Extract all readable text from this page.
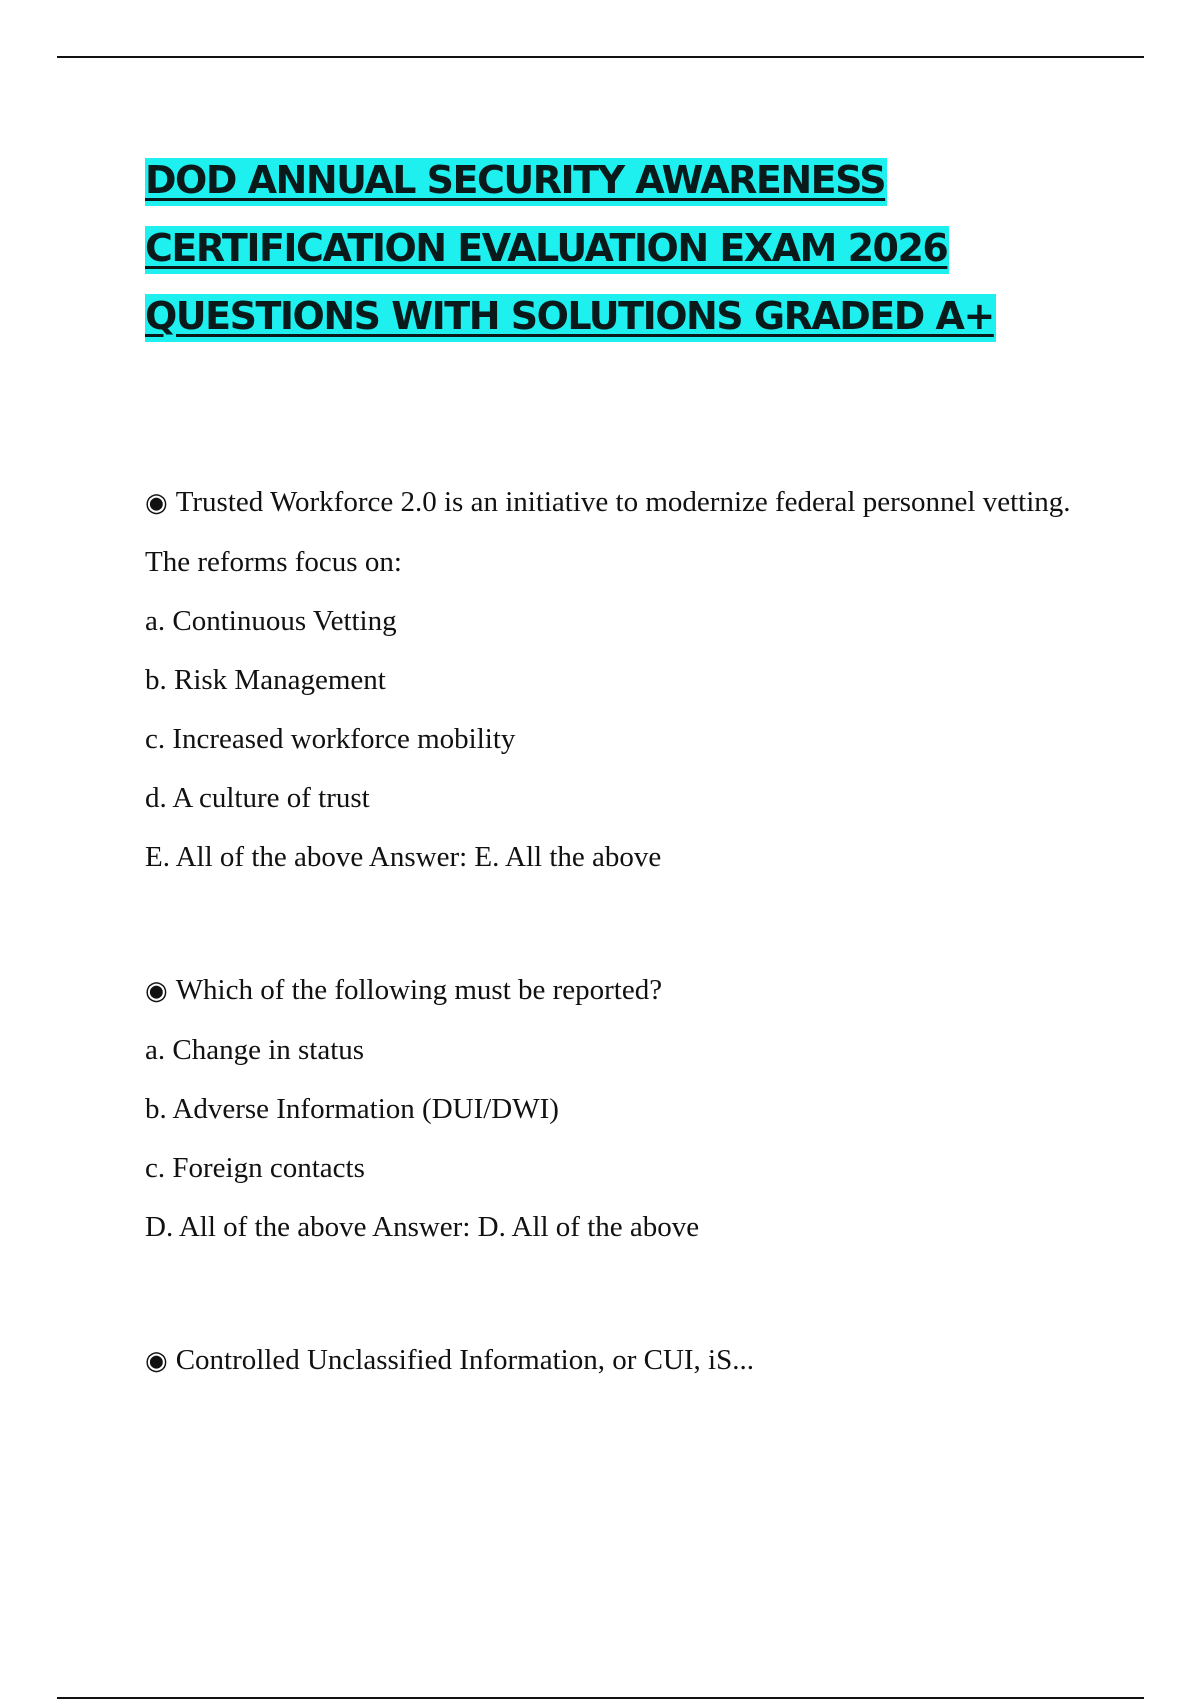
DOD ANNUAL SECURITY AWARENESS
CERTIFICATION EVALUATION EXAM 2026
QUESTIONS WITH SOLUTIONS GRADED A+
◉ Trusted Workforce 2.0 is an initiative to modernize federal personnel vetting.
The reforms focus on:
a. Continuous Vetting
b. Risk Management
c. Increased workforce mobility
d. A culture of trust
E. All of the above Answer: E. All the above
◉ Which of the following must be reported?
a. Change in status
b. Adverse Information (DUI/DWI)
c. Foreign contacts
D. All of the above Answer: D. All of the above
◉ Controlled Unclassified Information, or CUI, iS...
